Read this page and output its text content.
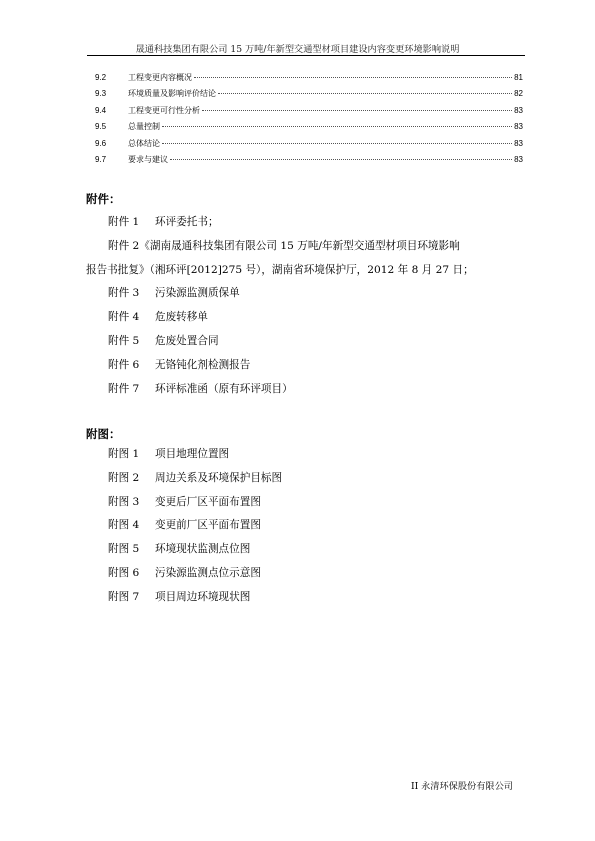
晟通科技集团有限公司 15 万吨/年新型交通型材项目建设内容变更环境影响说明
9.2	工程变更内容概况	81
9.3	环境质量及影响评价结论	82
9.4	工程变更可行性分析	83
9.5	总量控制	83
9.6	总体结论	83
9.7	要求与建议	83
附件：
附件 1 环评委托书；
附件 2《湖南晟通科技集团有限公司 15 万吨/年新型交通型材项目环境影响
报告书批复》（湘环评[2012]275 号），湖南省环境保护厅，2012 年 8 月 27 日；
附件 3 污染源监测质保单
附件 4 危废转移单
附件 5 危废处置合同
附件 6 无铬钝化剂检测报告
附件 7 环评标准函（原有环评项目）
附图：
附图 1 项目地理位置图
附图 2 周边关系及环境保护目标图
附图 3 变更后厂区平面布置图
附图 4 变更前厂区平面布置图
附图 5 环境现状监测点位图
附图 6 污染源监测点位示意图
附图 7 项目周边环境现状图
II 永清环保股份有限公司
